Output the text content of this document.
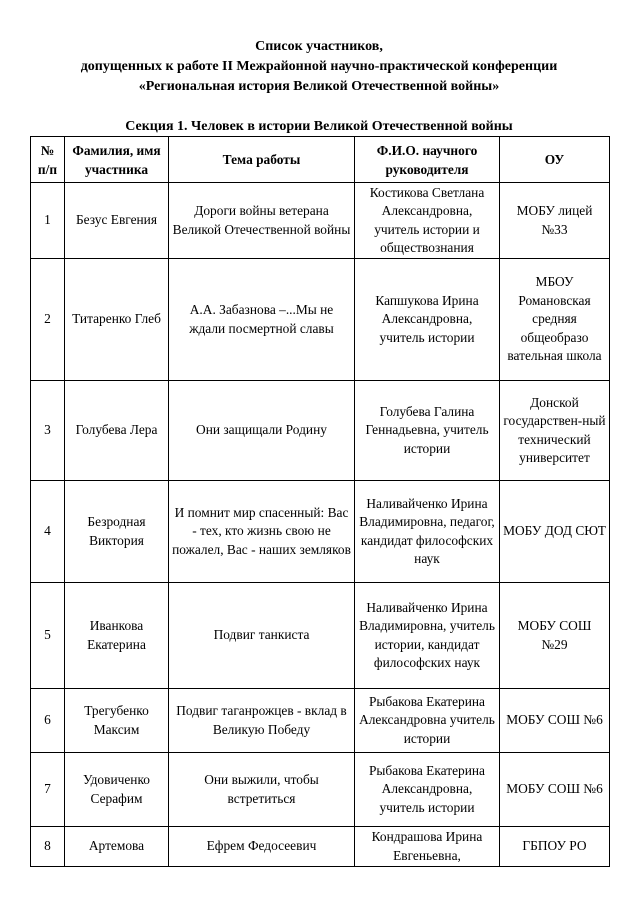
Список участников,
допущенных к работе II Межрайонной научно-практической конференции
«Региональная история Великой Отечественной войны»
Секция 1. Человек в истории Великой Отечественной войны
№ п/п	Фамилия, имя участника	Тема работы	Ф.И.О. научного руководителя	ОУ
1	Безус Евгения	Дороги войны ветерана Великой Отечественной войны	Костикова Светлана Александровна, учитель истории и обществознания	МОБУ лицей №33
2	Титаренко Глеб	А.А. Забазнова –...Мы не ждали посмертной славы	Капшукова Ирина Александровна, учитель истории	МБОУ Романовская средняя общеобразо вательная школа
3	Голубева Лера	Они защищали Родину	Голубева Галина Геннадьевна, учитель истории	Донской государствен-ный технический университет
4	Безродная Виктория	И помнит мир спасенный: Вас - тех, кто жизнь свою не пожалел, Вас - наших земляков	Наливайченко Ирина Владимировна, педагог, кандидат философских наук	МОБУ ДОД СЮТ
5	Иванкова Екатерина	Подвиг танкиста	Наливайченко Ирина Владимировна, учитель истории, кандидат философских наук	МОБУ СОШ №29
6	Трегубенко Максим	Подвиг таганрожцев - вклад в Великую Победу	Рыбакова Екатерина Александровна учитель истории	МОБУ СОШ №6
7	Удовиченко Серафим	Они выжили, чтобы встретиться	Рыбакова Екатерина Александровна, учитель истории	МОБУ СОШ №6
8	Артемова	Ефрем Федосеевич	Кондрашова Ирина Евгеньевна,	ГБПОУ РО
